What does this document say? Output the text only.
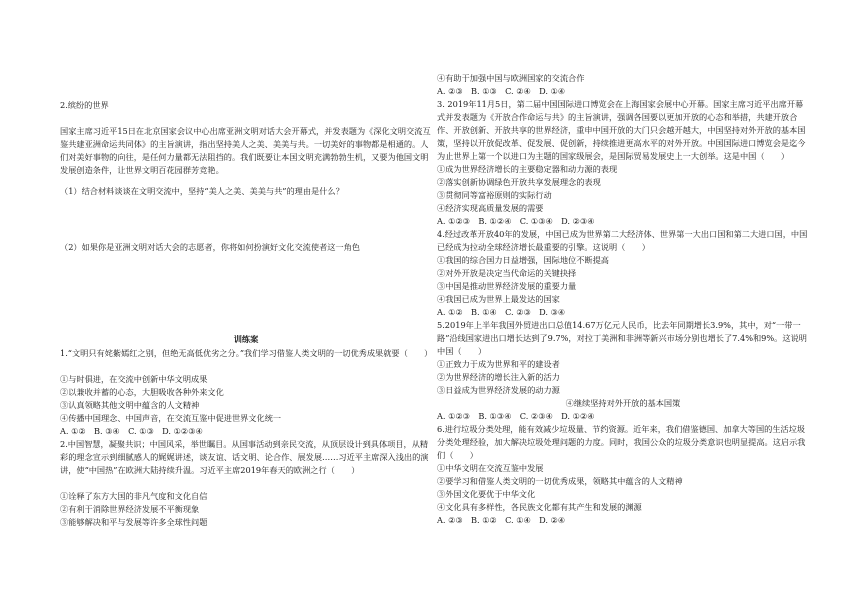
2.缤纷的世界
国家主席习近平15日在北京国家会议中心出席亚洲文明对话大会开幕式，并发表题为《深化文明交流互鉴共建亚洲命运共同体》的主旨演讲，指出坚持美人之美、美美与共。一切美好的事物都是相通的。人们对美好事物的向往，是任何力量都无法阻挡的。我们既要让本国文明充满勃勃生机，又要为他国文明发展创造条件，让世界文明百花园群芳竞艳。
（1）结合材料谈谈在文明交流中，坚持“美人之美、美美与共”的理由是什么？
（2）如果你是亚洲文明对话大会的志愿者，你将如何扮演好文化交流使者这一角色
训练案
1.“文明只有姹紫嫣红之别，但绝无高低优劣之分。”我们学习借鉴人类文明的一切优秀成果就要（　　）
①与时俱进，在交流中创新中华文明成果
②以兼收并蓄的心态，大胆吸收各种外来文化
③认真领略其他文明中蕴含的人文精神
④传播中国理念、中国声音，在交流互鉴中促进世界文化统一
A. ①②　B. ③④　C. ①③　D. ①②③④
2.中国智慧，凝聚共识；中国风采，举世瞩目。从国事活动到亲民交流，从顶层设计到具体项目，从精彩的理念宣示到细腻感人的娓娓讲述，谈友谊、话文明、论合作、展发展……习近平主席深入浅出的演讲，使“中国热”在欧洲大陆持续升温。习近平主席2019年春天的欧洲之行（　　）
①诠释了东方大国的非凡气度和文化自信
②有利于消除世界经济发展不平衡现象
③能够解决和平与发展等许多全球性问题
④有助于加强中国与欧洲国家的交流合作
A. ②③　B. ①③　C. ②④　D. ①④
3. 2019年11月5日，第二届中国国际进口博览会在上海国家会展中心开幕。国家主席习近平出席开幕式并发表题为《开放合作命运与共》的主旨演讲，强调各国要以更加开放的心态和举措，共建开放合作、开放创新、开放共享的世界经济，重申中国开放的大门只会越开越大，中国坚持对外开放的基本国策，坚持以开放促改革、促发展、促创新，持续推进更高水平的对外开放。中国国际进口博览会是迄今为止世界上第一个以进口为主题的国家级展会，是国际贸易发展史上一大创举。这是中国（　　）
①成为世界经济增长的主要稳定器和动力源的表现
②落实创新协调绿色开放共享发展理念的表现
③贯彻同等富裕原则的实际行动
④经济实现高质量发展的需要
A. ①②③　B. ①②④　C. ①③④　D. ②③④
4.经过改革开放40年的发展，中国已成为世界第二大经济体、世界第一大出口国和第二大进口国，中国已经成为拉动全球经济增长最重要的引擎。这说明（　　）
①我国的综合国力日益增强，国际地位不断提高
②对外开放是决定当代命运的关键抉择
③中国是推动世界经济发展的重要力量
④我国已成为世界上最发达的国家
A. ①②　B. ①④　C. ②③　D. ③④
5.2019年上半年我国外贸进出口总值14.67万亿元人民币，比去年同期增长3.9%，其中，对“一带一路”沿线国家进出口增长达到了9.7%，对拉丁美洲和非洲等新兴市场分别也增长了7.4%和9%。这说明中国（　　）
①正致力于成为世界和平的建设者
②为世界经济的增长注入新的活力
③日益成为世界经济发展的动力源
④继续坚持对外开放的基本国策
A. ①②③　B. ①③④　C. ②③④　D. ①②④
6.进行垃圾分类处理，能有效减少垃圾量、节约资源。近年来，我们借鉴德国、加拿大等国的生活垃圾分类处理经验，加大解决垃圾处理问题的力度。同时，我国公众的垃圾分类意识也明显提高。这启示我们（　　）
①中华文明在交流互鉴中发展
②要学习和借鉴人类文明的一切优秀成果，领略其中蕴含的人文精神
③外国文化要优于中华文化
④文化具有多样性，各民族文化都有其产生和发展的渊源
A. ②③　B. ①②　C. ①④　D. ②④
